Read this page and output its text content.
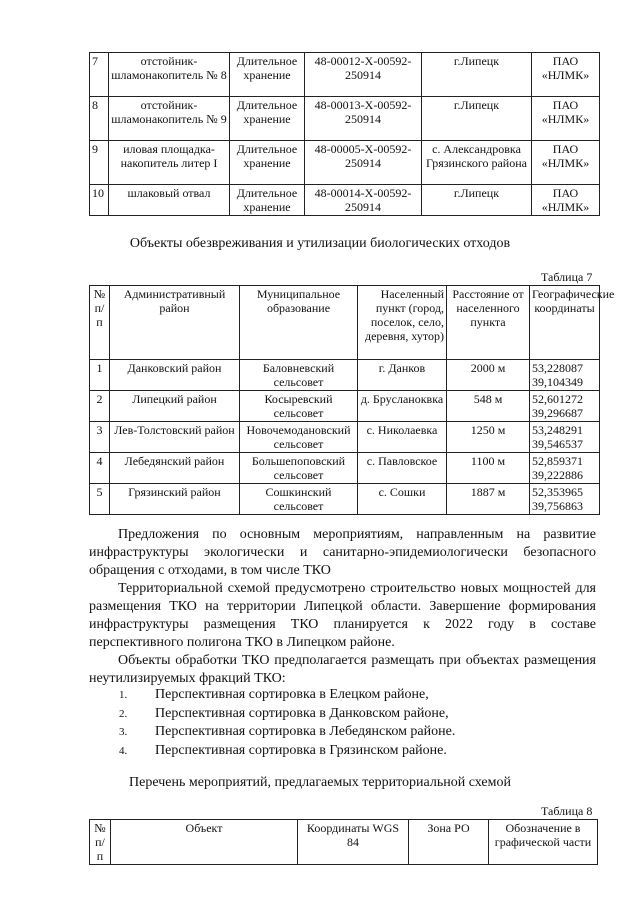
7	отстойник-шламонакопитель № 8	Длительное хранение	48-00012-Х-00592-250914	г.Липецк	ПАО «НЛМК»
8	отстойник-шламонакопитель № 9	Длительное хранение	48-00013-Х-00592-250914	г.Липецк	ПАО «НЛМК»
9	иловая площадка-накопитель литер I	Длительное хранение	48-00005-Х-00592-250914	с. Александровка Грязинского района	ПАО «НЛМК»
10	шлаковый отвал	Длительное хранение	48-00014-Х-00592-250914	г.Липецк	ПАО «НЛМК»
Объекты обезвреживания и утилизации биологических отходов
Таблица 7
№ п/п	Административный район	Муниципальное образование	Населенный пункт (город, поселок, село, деревня, хутор)	Расстояние от населенного пункта	Географические координаты
1	Данковский район	Баловневский сельсовет	г. Данков	2000 м	53,228087 39,104349
2	Липецкий район	Косыревский сельсовет	д. Брусланоквка	548 м	52,601272 39,296687
3	Лев-Толстовский район	Новочемодановский сельсовет	с. Николаевка	1250 м	53,248291 39,546537
4	Лебедянский район	Большепоповский сельсовет	с. Павловское	1100 м	52,859371 39,222886
5	Грязинский район	Сошкинский сельсовет	с. Сошки	1887 м	52,353965 39,756863

Предложения по основным мероприятиям, направленным на развитие инфраструктуры экологически и санитарно-эпидемиологически безопасного обращения с отходами, в том числе ТКО

Территориальной схемой предусмотрено строительство новых мощностей для размещения ТКО на территории Липецкой области. Завершение формирования инфраструктуры размещения ТКО планируется к 2022 году в составе перспективного полигона ТКО в Липецком районе.

Объекты обработки ТКО предполагается размещать при объектах размещения неутилизируемых фракций ТКО:

1. Перспективная сортировка в Елецком районе,
2. Перспективная сортировка в Данковском районе,
3. Перспективная сортировка в Лебедянском районе.
4. Перспективная сортировка в Грязинском районе.
Перечень мероприятий, предлагаемых территориальной схемой
Таблица 8
№ п/п	Объект	Координаты WGS 84	Зона РО	Обозначение в графической части
